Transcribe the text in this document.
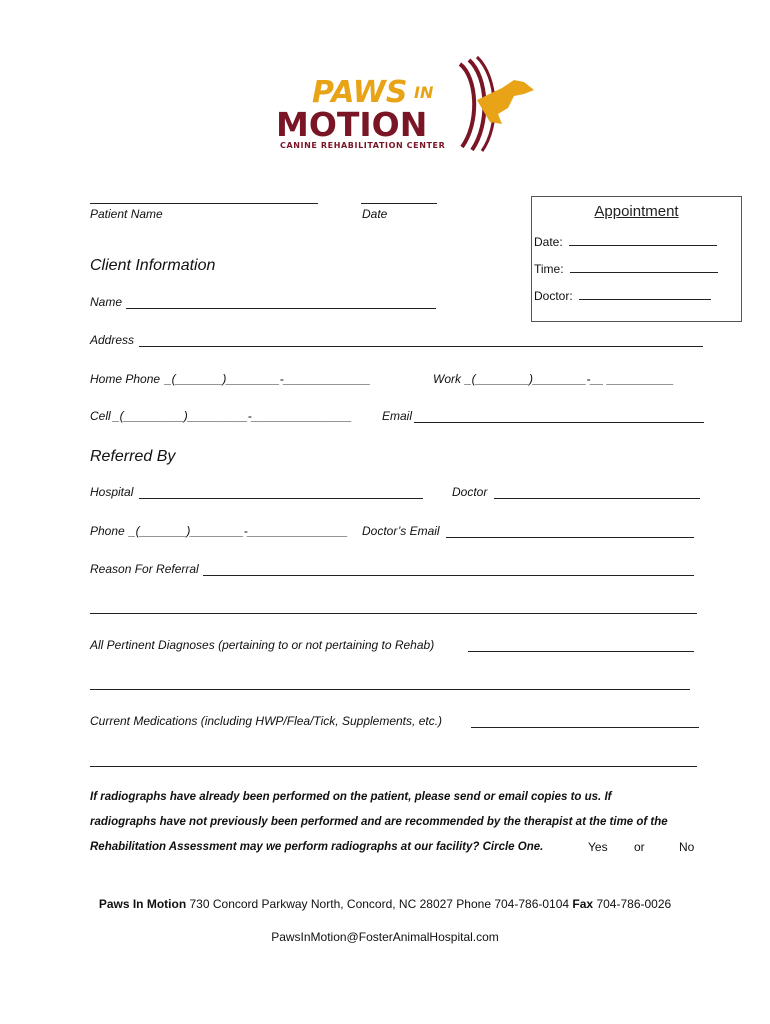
PAWS IN
MOTION
CANINE REHABILITATION CENTER
Patient Name	Date	Appointment
Date:
Time:
Doctor:
Client Information
Name
Address
Home Phone _(_______)________-_____________	Work _(________)________-__ __________
Cell _(_________)_________-_______________	Email
Referred By
Hospital	Doctor
Phone _(_______)________-_______________ Doctor’s Email
Reason For Referral
All Pertinent Diagnoses (pertaining to or not pertaining to Rehab)
Current Medications (including HWP/Flea/Tick, Supplements, etc.)
If radiographs have already been performed on the patient, please send or email copies to us. If
radiographs have not previously been performed and are recommended by the therapist at the time of the
Rehabilitation Assessment may we perform radiographs at our facility? Circle One.	Yes or	No
Paws In Motion 730 Concord Parkway North, Concord, NC 28027 Phone 704-786-0104 Fax 704-786-0026
PawsInMotion@FosterAnimalHospital.com
